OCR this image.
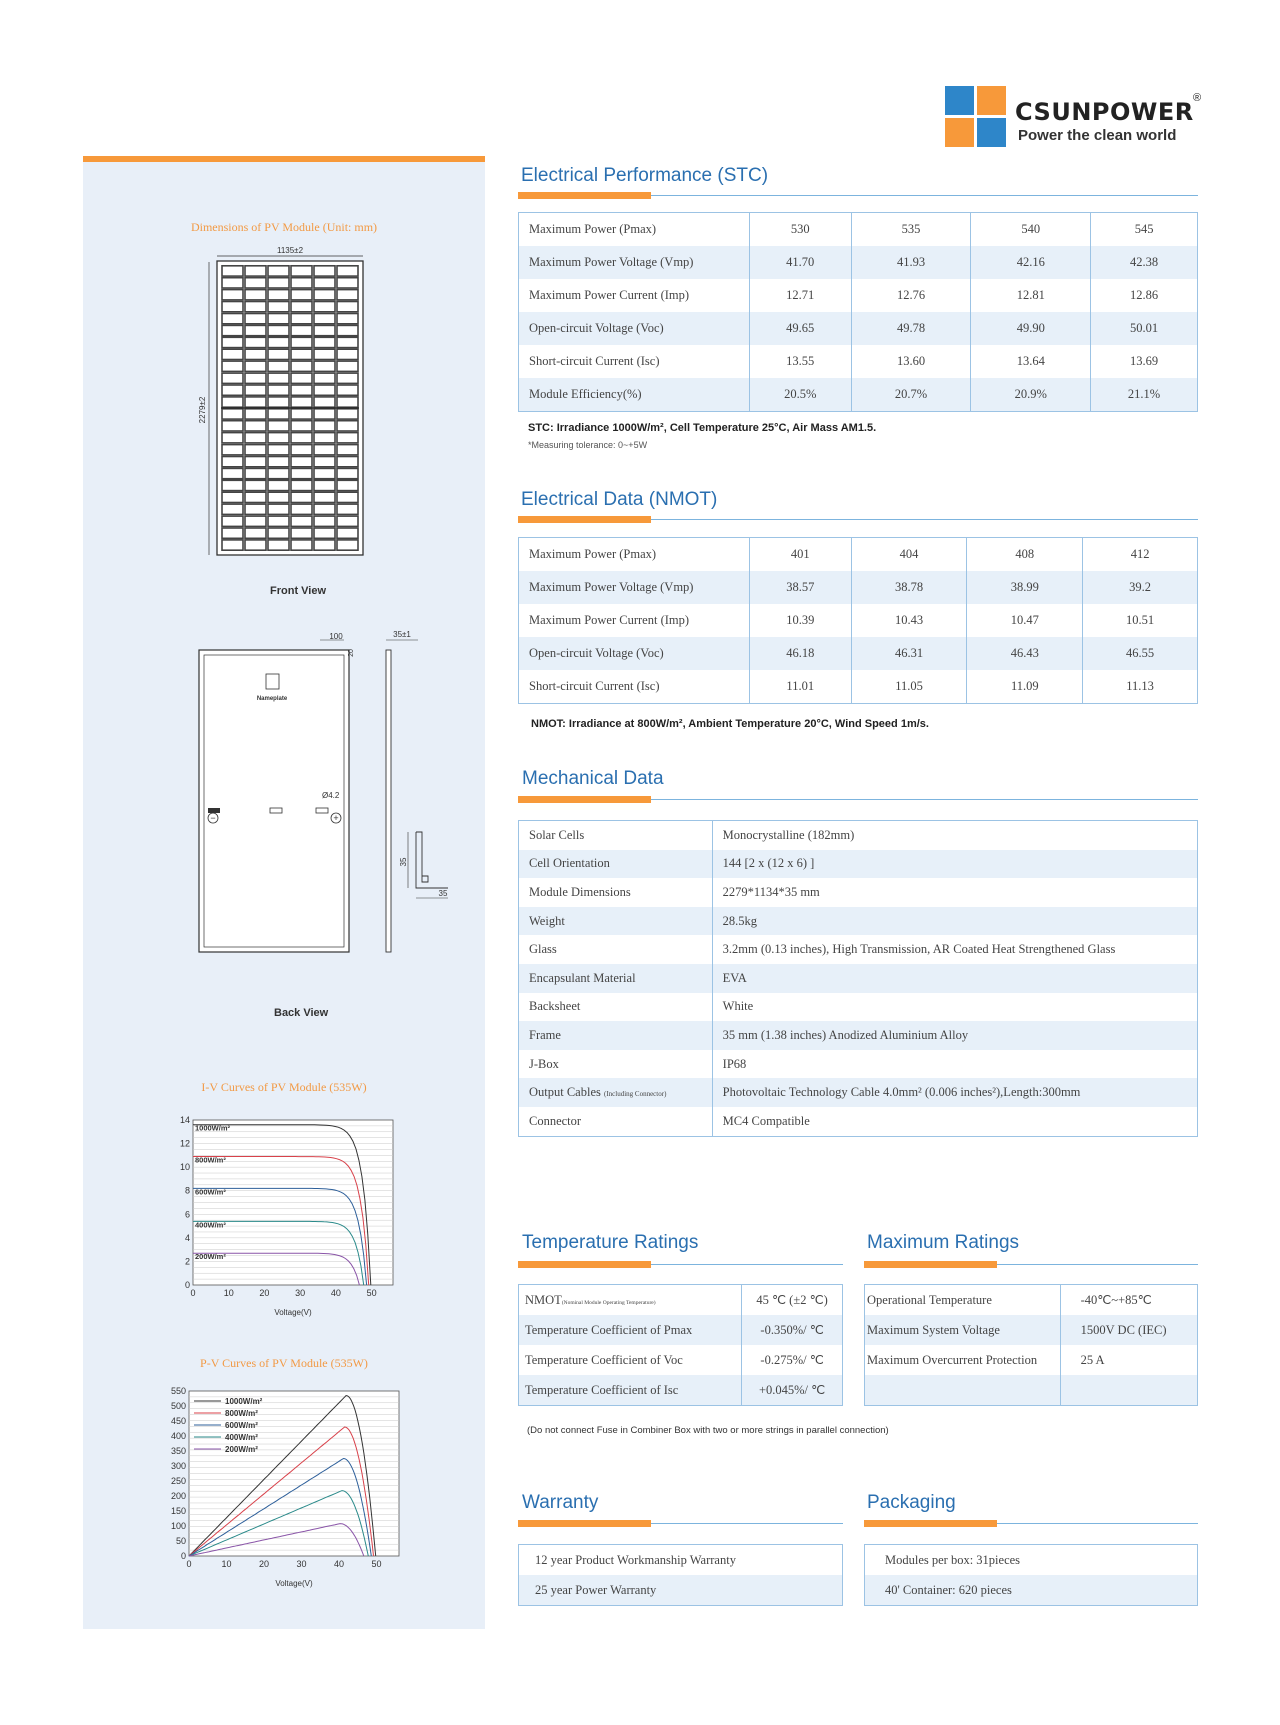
CSUNPOWER ®
Power the clean world
Dimensions of PV Module (Unit: mm)
1135±2
2279±2
Front View
Nameplate
100
20
−	+
Ø4.2
35±1
35
35
Back View
I-V Curves of PV Module (535W)
0
2
4
6
8
10
12
14
0	10	20	30	40	50
Voltage(V)
1000W/m²
800W/m²
600W/m²
400W/m²
200W/m²
P-V Curves of PV Module (535W)
0
50
100
150
200
250
300
350
400
450
500
550
0	10	20	30	40	50
Voltage(V)
1000W/m²
800W/m²
600W/m²
400W/m²
200W/m²
Electrical Performance (STC)
Maximum Power (Pmax)	530	535	540	545
Maximum Power Voltage (Vmp)	41.70	41.93	42.16	42.38
Maximum Power Current (Imp)	12.71	12.76	12.81	12.86
Open-circuit Voltage (Voc)	49.65	49.78	49.90	50.01
Short-circuit Current (Isc)	13.55	13.60	13.64	13.69
Module Efficiency(%)	20.5%	20.7%	20.9%	21.1%
STC: Irradiance 1000W/m², Cell Temperature 25°C, Air Mass AM1.5.
*Measuring tolerance: 0~+5W
Electrical Data (NMOT)
Maximum Power (Pmax)	401	404	408	412
Maximum Power Voltage (Vmp)	38.57	38.78	38.99	39.2
Maximum Power Current (Imp)	10.39	10.43	10.47	10.51
Open-circuit Voltage (Voc)	46.18	46.31	46.43	46.55
Short-circuit Current (Isc)	11.01	11.05	11.09	11.13
NMOT: Irradiance at 800W/m², Ambient Temperature 20°C, Wind Speed 1m/s.
Mechanical Data
Solar Cells	Monocrystalline (182mm)
Cell Orientation	144 [2 x (12 x 6) ]
Module Dimensions	2279*1134*35 mm
Weight	28.5kg
Glass	3.2mm (0.13 inches), High Transmission, AR Coated Heat Strengthened Glass
Encapsulant Material	EVA
Backsheet	White
Frame	35 mm (1.38 inches) Anodized Aluminium Alloy
J-Box	IP68
Output Cables (Including Connector)	Photovoltaic Technology Cable 4.0mm² (0.006 inches²),Length:300mm
Connector	MC4 Compatible
Temperature Ratings
NMOT(Nominal Module Operating Temperature)	45 ℃ (±2 ℃)
Temperature Coefficient of Pmax	-0.350%/ ℃
Temperature Coefficient of Voc	-0.275%/ ℃
Temperature Coefficient of Isc	+0.045%/ ℃
(Do not connect Fuse in Combiner Box with two or more strings in parallel connection)
Maximum Ratings
Operational Temperature	-40℃~+85℃
Maximum System Voltage	1500V DC (IEC)
Maximum Overcurrent Protection	25 A

Warranty
12 year Product Workmanship Warranty
25 year Power Warranty
Packaging
Modules per box: 31pieces
40' Container: 620 pieces
